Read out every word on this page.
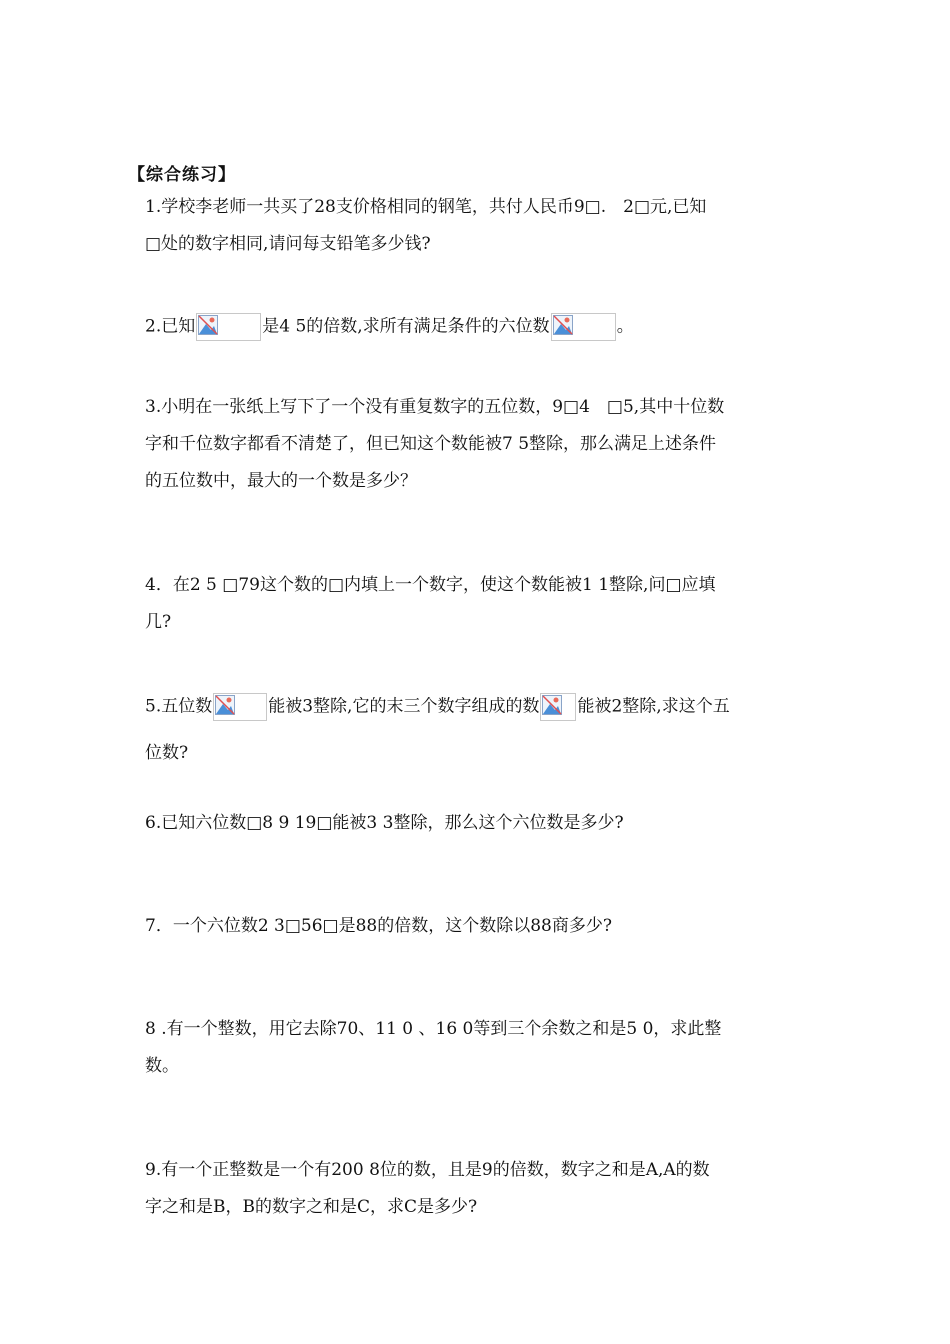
【综合练习】
1.学校李老师一共买了28支价格相同的钢笔，共付人民币9□.　2□元,已知
□处的数字相同,请问每支铅笔多少钱?
2.已知	是4 5的倍数,求所有满足条件的六位数	。
3.小明在一张纸上写下了一个没有重复数字的五位数，9□4　□5,其中十位数
字和千位数字都看不清楚了，但已知这个数能被7 5整除，那么满足上述条件
的五位数中，最大的一个数是多少？
4．在2 5 □79这个数的□内填上一个数字，使这个数能被1 1整除,问□应填
几?
5.五位数	能被3整除,它的末三个数字组成的数 能被2整除,求这个五
位数?
6.已知六位数□8 9 19□能被3 3整除，那么这个六位数是多少?
7．一个六位数2 3□56□是88的倍数，这个数除以88商多少?
8 .有一个整数，用它去除70、11 0 、16 0等到三个余数之和是5 0，求此整
数。
9.有一个正整数是一个有200 8位的数，且是9的倍数，数字之和是A,A的数
字之和是B，B的数字之和是C，求C是多少?
